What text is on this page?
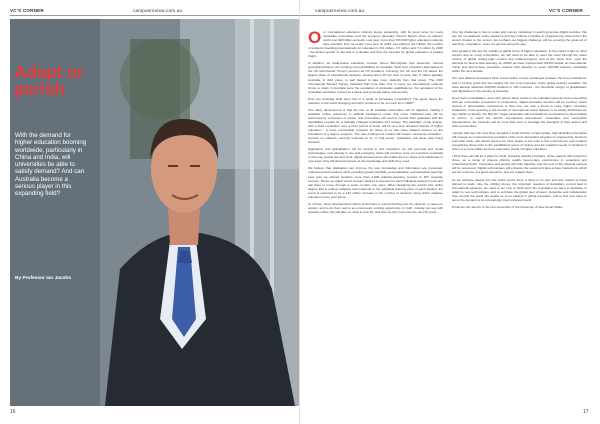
VC'S CORNER	campusreview.com.au
Adapt or perish

With the demand for higher education booming worldwide, particularly in China and India, will universities be able to satisfy demand? And can Australia become a serious player in this expanding field?

By Professor Ian Jacobs
16
campusreview.com.au	VC'S CORNER

Our international education industry keeps expanding, with its good news for many Australian universities and the economy generally. Recent figures show an industry worth over $20 billion annually. Last year, more than 700,000 higher education students were enrolled, from up nearly 3 per cent on 2015. According to the OECD, the number of students travelling internationally for education is 5.9 million, 4.5 million and 7.2 million by 2025 - the fastest growth of demand in a decade and thus the forecast for global education is looking bright.

In addition, as trade-based education minister Simon Birmingham has observed, 'various geopolitical factors' are creating new possibilities for Australia. Sixth-form education alternatives to the UK and Donald Trump's election as US president. Currently, the UK and the US attract the largest share of international students, hosting about 15 per cent of more than 5 million globally. Australia, in third place, is well placed to take more students from that group. The 2016 International Student Survey indicated that more than nine in every ten international students chose to study in Australia were the reputation of Australian qualifications, the reputation of the Australian education system as a whole and personal safety and security.

How can Australia build upon this in a world of increasing uncertainty? The quest raises the question: is the world changing and will it continue to be so much as in 1846?

One likely development is that the rise of all available information will be digitised, making it available online. Advances in artificial intelligence mean that many traditional jobs will be performed by computers or robots, and universities will need to provide their graduates with the capabilities needed for a radically changed workplace and society. The paradigm of the degree, with a fixed curriculum over a fixed period of study, will be at a less dominant feature of higher education - a more comfortable prospect for those of us who have shaped careers on the foundation of a degree program. The new employment market will require continuing education - courses on subjects currently unknown to us. In that sense, 'graduates' will never stop being students.

Digitisation and globalisation will be central to this revolution, as will personal and social technologies, now already in use and emerging. Ideas will continue to be an important constraint on the way people live and work; digital developments will enable them to share and collaborate in new ways; they will demand access to the knowledge and skills they need.

We believe that digitisation can improve the way knowledge and information are presented, understood and retained, while providing greater flexibility, personalisation and interactive learning. Last year we offered students more than 2,000 adaptive-learning courses to 807 separate courses. These so-called 'smart' lessons tailored to account for each individual student's level and ask them to move through a series of their own pace. When designing the world's first online degree that is entirely adaptive and responds to the individual learning pace of each student, the result is expected to be a 120 million increase in the number of students using online adaptive education in the near future.

To survive, these developments will be at all times to ensure that they are for students, a cause for anxiety, and to do them well is an enormously exciting opportunity. In truth, nobody can say with certainty where this will take us, what to look for, and how we will cross over the next 20 years.

One big challenge is how to retain and convey inspiration in teaching across digital modules. We can set up elaborate online platforms and buy millions of dollars in programming content from the lecture theatre to the screen, but perhaps our biggest challenge will be ensuring the great art of teaching - inspiration - does not get lost along the way.

Also pivotal in this are the mobility of global forms of higher education. In the impact it has on other sectors and on many universities, we will need to be able to meet the need through the sheer volume of global cutting-edge content and student-support, and at the same time, meet the demand for face-to-face learning. At UNSW we have implemented UNSW Global, an international, online and face-to-face education network with capacity to serve 100,000 learners worldwide within the next decade.

Our new alliance developed three recent online course exchanges between the three institutions, and in coming years this will expand into the most extensive online global network available. We have already attracted 200,000 students in 130 countries - the beneficial merger of globalisation and digitisation in the service of humanity.

Does such consolidation, and many others, likely evolve in the education area as more universities with our universities cooperate? In perspective, digital education services will be evolved, where dozens of automatable components of their role, are now a threat to many higher education institutions. Once learning in the domain of international online delivery is as widely distributed as, say, Netflix or Spotify, the 'Big Six' mega-universities will eventually be constrained by their inability to reform, to reach the world's international fast-follower universities and competitive independents: the pressure will be more than ever to leverage the strengths of their alumni and their communities.

I predict that over the next three decades a small number of high-quality, high-flexibility universities will emerge as comprehensive providers of the most demanded programs in engineering, business and other fields. We will all need to be more aware of the risks in this environment, and certainly recognising those risks to the established norms of tertiary and the practical needs of students in terms of a more stable and less expensive model of higher education.

I think there will still be a place for local, culturally specific providers, niche markets will expand for those, as a range of players offering quality face-to-face experiences in vocational and professional fields. Computers and people will work together, and the best of the physical campus will be preserved. Digital technologies will enhance the social and face-to-face interactions which are the essence of a great education, and not replace them.

As we advance deeper into the online world, there is likely to be less and less reason to travel abroad to study. Like the shifting dunes, the important question of Australia's current lead in international students, we need to act now to build upon the foundation we have in Australia, to adapt to new technologies, and to embrace the global pool of talent. Expertise and collaboration from around the world will enable us to be leaders in global education, and to find new ways to serve the demand of an increasingly interconnected world.

Professor Ian Jacobs is the vice-chancellor of the University of New South Wales.

17
